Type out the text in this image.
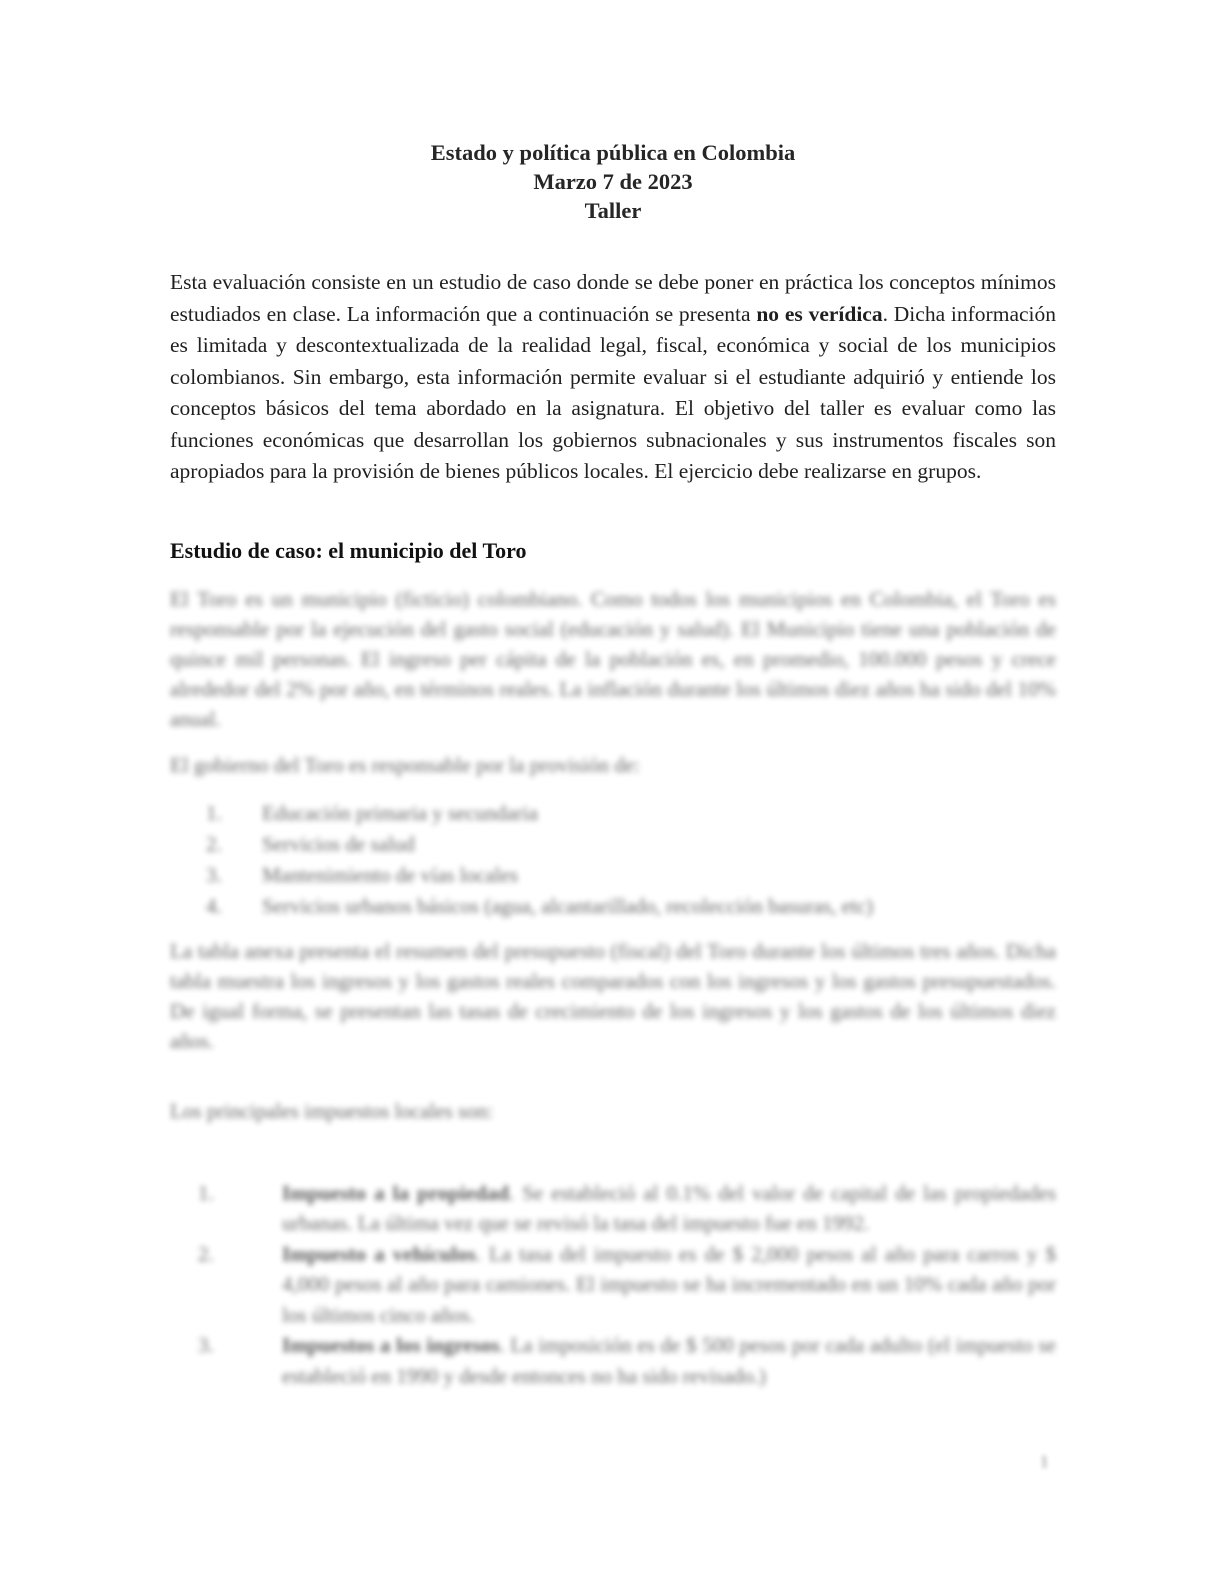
Estado y política pública en Colombia
Marzo 7 de 2023
Taller

Esta evaluación consiste en un estudio de caso donde se debe poner en práctica los conceptos mínimos estudiados en clase. La información que a continuación se presenta no es verídica. Dicha información es limitada y descontextualizada de la realidad legal, fiscal, económica y social de los municipios colombianos. Sin embargo, esta información permite evaluar si el estudiante adquirió y entiende los conceptos básicos del tema abordado en la asignatura. El objetivo del taller es evaluar como las funciones económicas que desarrollan los gobiernos subnacionales y sus instrumentos fiscales son apropiados para la provisión de bienes públicos locales. El ejercicio debe realizarse en grupos.

Estudio de caso: el municipio del Toro

El Toro es un municipio (ficticio) colombiano. Como todos los municipios en Colombia, el Toro es responsable por la ejecución del gasto social (educación y salud). El Municipio tiene una población de quince mil personas. El ingreso per cápita de la población es, en promedio, 100.000 pesos y crece alrededor del 2% por año, en términos reales. La inflación durante los últimos diez años ha sido del 10% anual.

El gobierno del Toro es responsable por la provisión de:

1.	Educación primaria y secundaria
2.	Servicios de salud
3.	Mantenimiento de vías locales
4.	Servicios urbanos básicos (agua, alcantarillado, recolección basuras, etc)

La tabla anexa presenta el resumen del presupuesto (fiscal) del Toro durante los últimos tres años. Dicha tabla muestra los ingresos y los gastos reales comparados con los ingresos y los gastos presupuestados. De igual forma, se presentan las tasas de crecimiento de los ingresos y los gastos de los últimos diez años.

Los principales impuestos locales son:

1.	Impuesto a la propiedad. Se estableció al 0.1% del valor de capital de las propiedades urbanas. La última vez que se revisó la tasa del impuesto fue en 1992.
2.	Impuesto a vehículos. La tasa del impuesto es de $ 2,000 pesos al año para carros y $ 4,000 pesos al año para camiones. El impuesto se ha incrementado en un 10% cada año por los últimos cinco años.
3.	Impuestos a los ingresos. La imposición es de $ 500 pesos por cada adulto (el impuesto se estableció en 1990 y desde entonces no ha sido revisado.)
1
